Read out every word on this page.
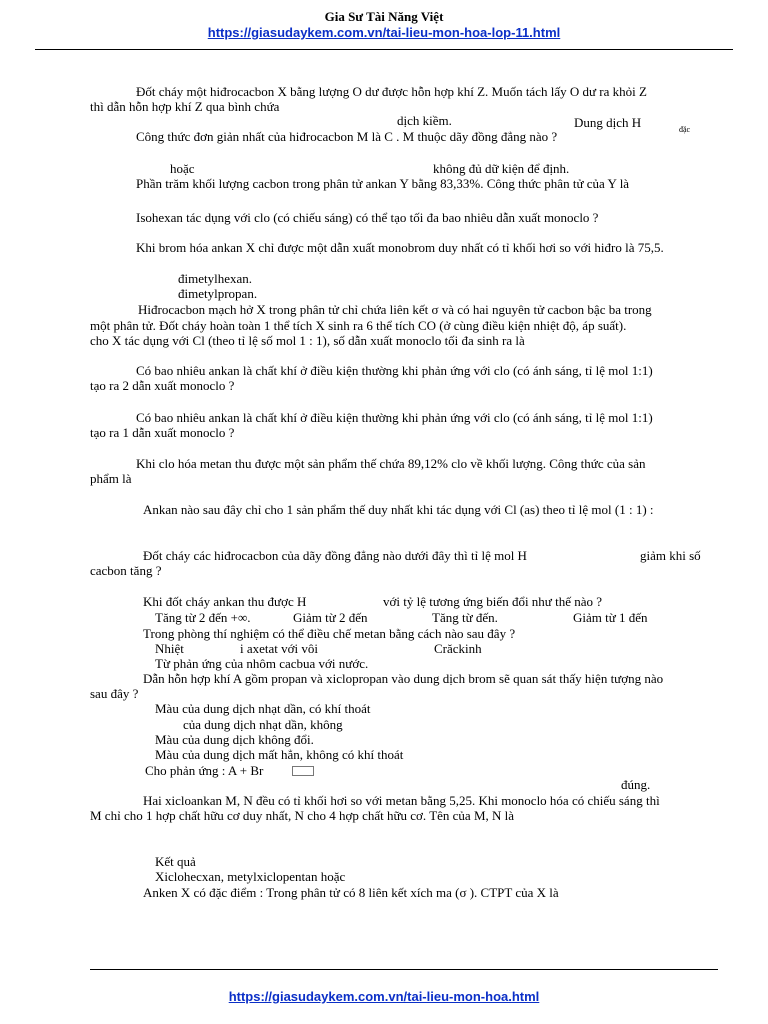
Gia Sư Tài Năng Việt
https://giasudaykem.com.vn/tai-lieu-mon-hoa-lop-11.html
Đốt cháy một hiđrocacbon X bằng lượng O dư được hỗn hợp khí Z. Muốn tách lấy O dư ra khỏi Z
thì dẫn hỗn hợp khí Z qua bình chứa
dịch kiềm.	Dung dịch H	đặc
Công thức đơn giản nhất của hiđrocacbon M là C . M thuộc dãy đồng đẳng nào ?
hoặc	không đủ dữ kiện để định.
Phần trăm khối lượng cacbon trong phân tử ankan Y bằng 83,33%. Công thức phân tử của Y là
Isohexan tác dụng với clo (có chiếu sáng) có thể tạo tối đa bao nhiêu dẫn xuất monoclo ?
Khi brom hóa ankan X chỉ được một dẫn xuất monobrom duy nhất có tỉ khối hơi so với hiđro là 75,5.
đimetylhexan.
đimetylpropan.
Hiđrocacbon mạch hở X trong phân tử chỉ chứa liên kết σ và có hai nguyên tử cacbon bậc ba trong
một phân tử. Đốt cháy hoàn toàn 1 thể tích X sinh ra 6 thể tích CO (ở cùng điều kiện nhiệt độ, áp suất).
cho X tác dụng với Cl (theo tỉ lệ số mol 1 : 1), số dẫn xuất monoclo tối đa sinh ra là
Có bao nhiêu ankan là chất khí ở điều kiện thường khi phản ứng với clo (có ánh sáng, tỉ lệ mol 1:1)
tạo ra 2 dẫn xuất monoclo ?
Có bao nhiêu ankan là chất khí ở điều kiện thường khi phản ứng với clo (có ánh sáng, tỉ lệ mol 1:1)
tạo ra 1 dẫn xuất monoclo ?
Khi clo hóa metan thu được một sản phẩm thế chứa 89,12% clo về khối lượng. Công thức của sản
phẩm là
Ankan nào sau đây chỉ cho 1 sản phẩm thế duy nhất khi tác dụng với Cl (as) theo tỉ lệ mol (1 : 1) :
Đốt cháy các hiđrocacbon của dãy đồng đẳng nào dưới đây thì tỉ lệ mol H	giảm khi số
cacbon tăng ?
Khi đốt cháy ankan thu được H	với tỷ lệ tương ứng biến đổi như thế nào ?
Tăng từ 2 đến +∞.	Giảm từ 2 đến	Tăng từ đến.	Giảm từ 1 đến
Trong phòng thí nghiệm có thể điều chế metan bằng cách nào sau đây ?
Nhiệt	i axetat với vôi	Crăckinh
Từ phản ứng của nhôm cacbua với nước.
Dẫn hỗn hợp khí A gồm propan và xiclopropan vào dung dịch brom sẽ quan sát thấy hiện tượng nào
sau đây ?
Màu của dung dịch nhạt dần, có khí thoát
của dung dịch nhạt dần, không
Màu của dung dịch không đổi.
Màu của dung dịch mất hẳn, không có khí thoát
Cho phản ứng : A + Br
đúng.
Hai xicloankan M, N đều có tỉ khối hơi so với metan bằng 5,25. Khi monoclo hóa có chiếu sáng thì
M chỉ cho 1 hợp chất hữu cơ duy nhất, N cho 4 hợp chất hữu cơ. Tên của M, N là
Kết quả
Xiclohecxan, metylxiclopentan hoặc
Anken X có đặc điểm : Trong phân tử có 8 liên kết xích ma (σ ). CTPT của X là
https://giasudaykem.com.vn/tai-lieu-mon-hoa.html
